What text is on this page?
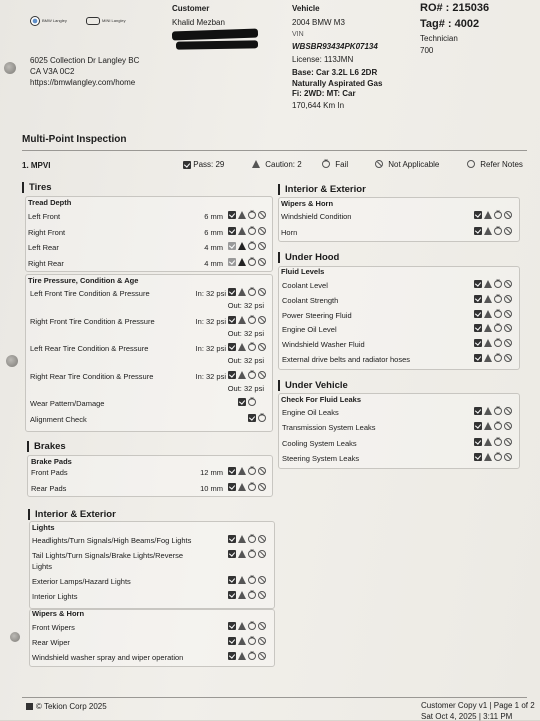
BMW Langley	MINI Langley
6025 Collection Dr Langley BC
CA V3A 0C2
https://bmwlangley.com/home
Customer
Khalid Mezban
Vehicle
2004 BMW M3
VIN
WBSBR93434PK07134
License: 113JMN
Base: Car 3.2L L6 2DR
Naturally Aspirated Gas
Fi: 2WD: MT: Car
170,644 Km In
RO# : 215036
Tag# : 4002
Technician
700
Multi-Point Inspection
1. MPVI	Pass: 29	Caution: 2
×	Fail	Not Applicable	Refer Notes
Tires
Tread Depth
Left Front	6 mm
×
Right Front	6 mm
×
Left Rear	4 mm
×
Right Rear	4 mm
×
Tire Pressure, Condition & Age
Left Front Tire Condition & Pressure	In: 32 psi
Out: 32 psi
×
Right Front Tire Condition & Pressure	In: 32 psi
Out: 32 psi
×
Left Rear Tire Condition & Pressure	In: 32 psi
Out: 32 psi
×
Right Rear Tire Condition & Pressure	In: 32 psi
Out: 32 psi
×
Wear Pattern/Damage
×
Alignment Check
×
Brakes
Brake Pads
Front Pads	12 mm
×
Rear Pads	10 mm
×
Interior & Exterior
Lights
Headlights/Turn Signals/High Beams/Fog Lights
×
Tail Lights/Turn Signals/Brake Lights/Reverse
×
Lights
Exterior Lamps/Hazard Lights
×
Interior Lights
×
Wipers & Horn
Front Wipers
×
Rear Wiper
×
Windshield washer spray and wiper operation
×
Interior & Exterior
Wipers & Horn
Windshield Condition
×
Horn
×
Under Hood
Fluid Levels
Coolant Level
×
Coolant Strength
×
Power Steering Fluid
×
Engine Oil Level
×
Windshield Washer Fluid
×
External drive belts and radiator hoses
×
Under Vehicle
Check For Fluid Leaks
Engine Oil Leaks
×
Transmission System Leaks
×
Cooling System Leaks
×
Steering System Leaks
×
© Tekion Corp 2025	Customer Copy v1 | Page 1 of 2
Sat Oct 4, 2025 | 3:11 PM
